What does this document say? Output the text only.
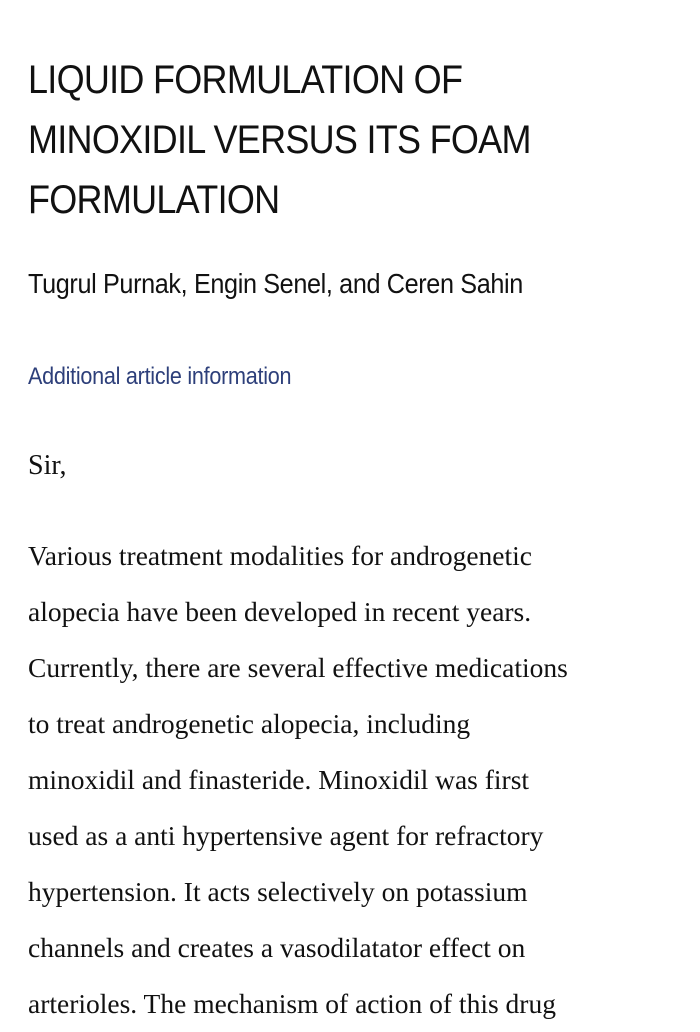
LIQUID FORMULATION OF
MINOXIDIL VERSUS ITS FOAM
FORMULATION
Tugrul Purnak, Engin Senel, and Ceren Sahin
Additional article information

Sir,

Various treatment modalities for androgenetic
alopecia have been developed in recent years.
Currently, there are several effective medications
to treat androgenetic alopecia, including
minoxidil and finasteride. Minoxidil was first
used as a anti hypertensive agent for refractory
hypertension. It acts selectively on potassium
channels and creates a vasodilatator effect on
arterioles. The mechanism of action of this drug
